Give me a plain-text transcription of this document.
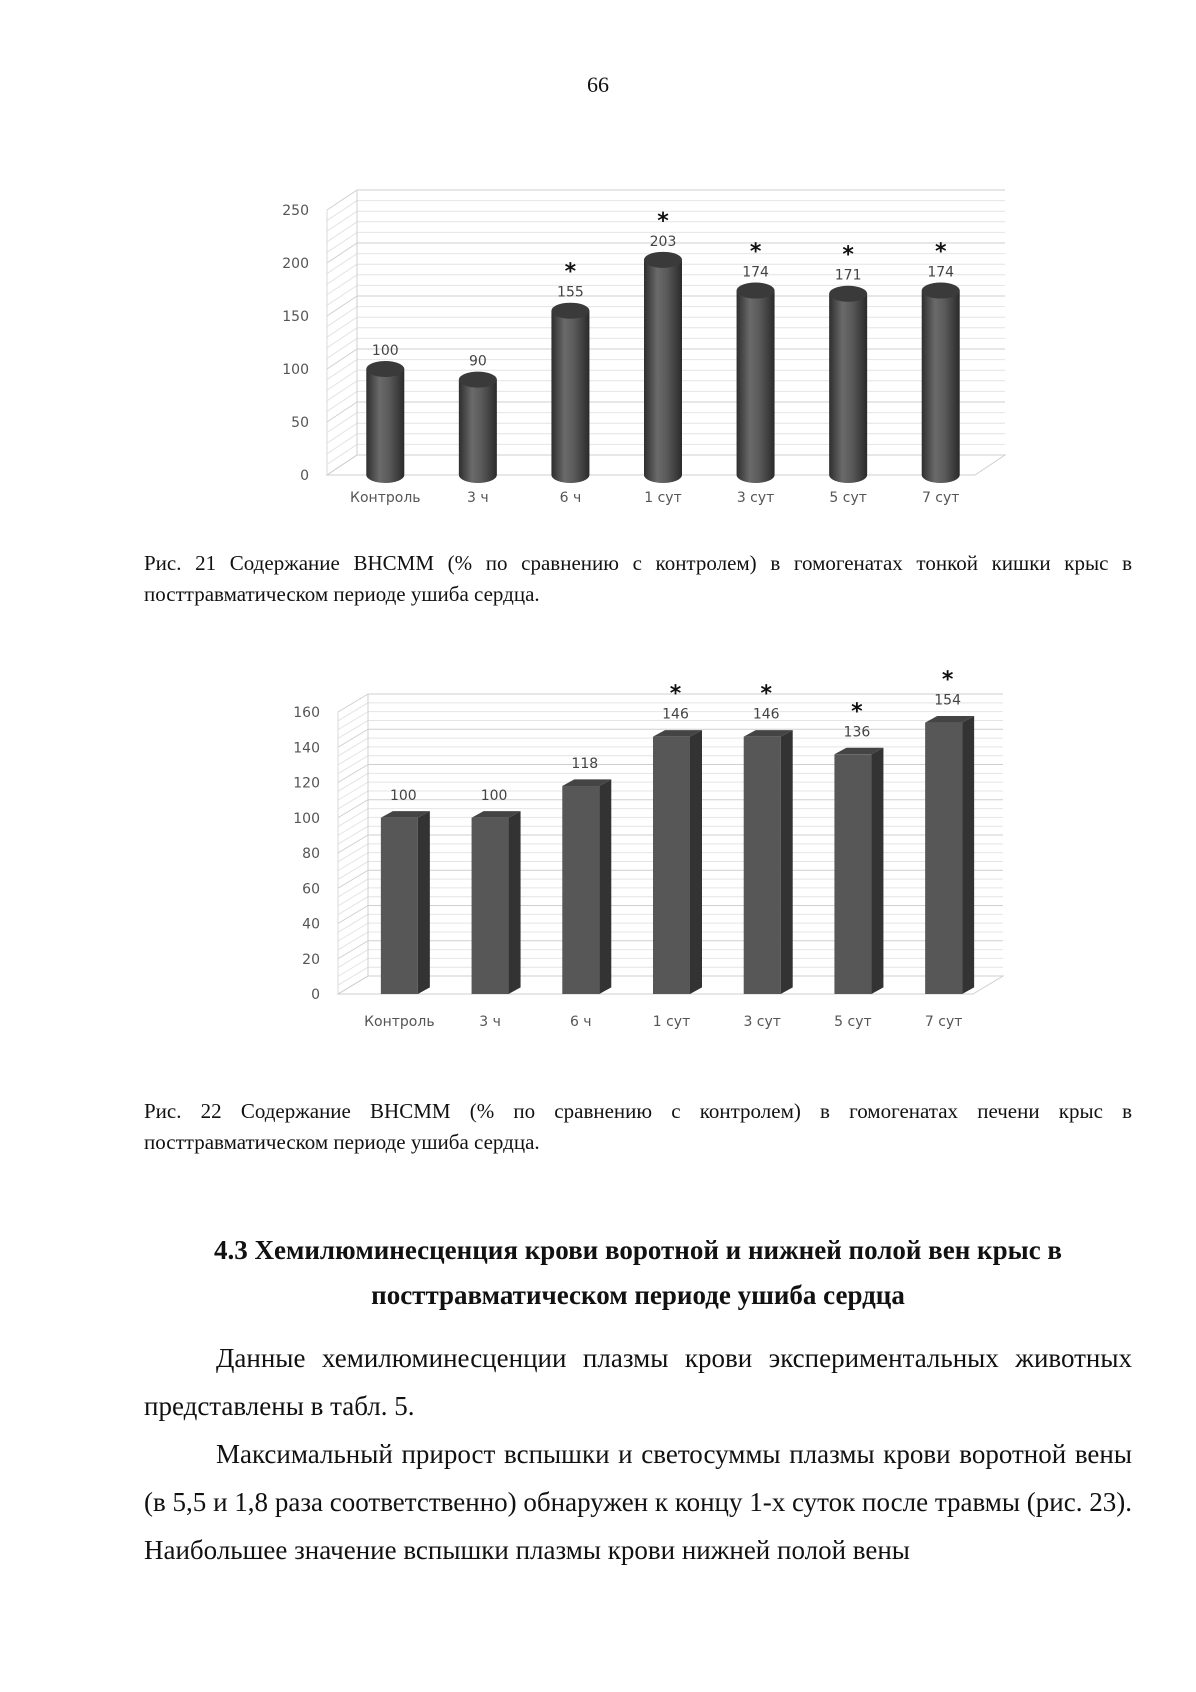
66
0
50
100
150
200
250
100
Контроль
90
3 ч
155
*
6 ч
203
*
1 сут
174
*
3 сут
171
*
5 сут
174
*
7 сут
Рис. 21 Содержание ВНСММ (% по сравнению с контролем) в гомогенатах тонкой кишки крыс в посттравматическом периоде ушиба сердца.
0
20
40
60
80
100
120
140
160
100
Контроль
100
3 ч
118
6 ч
146
*
1 сут
146
*
3 сут
136
*
5 сут
154
*
7 сут
Рис. 22 Содержание ВНСММ (% по сравнению с контролем) в гомогенатах печени крыс в посттравматическом периоде ушиба сердца.
4.3 Хемилюминесценция крови воротной и нижней полой вен крыс в посттравматическом периоде ушиба сердца
Данные хемилюминесценции плазмы крови экспериментальных животных представлены в табл. 5.
Максимальный прирост вспышки и светосуммы плазмы крови воротной вены (в 5,5 и 1,8 раза соответственно) обнаружен к концу 1-х суток после травмы (рис. 23). Наибольшее значение вспышки плазмы крови нижней полой вены
